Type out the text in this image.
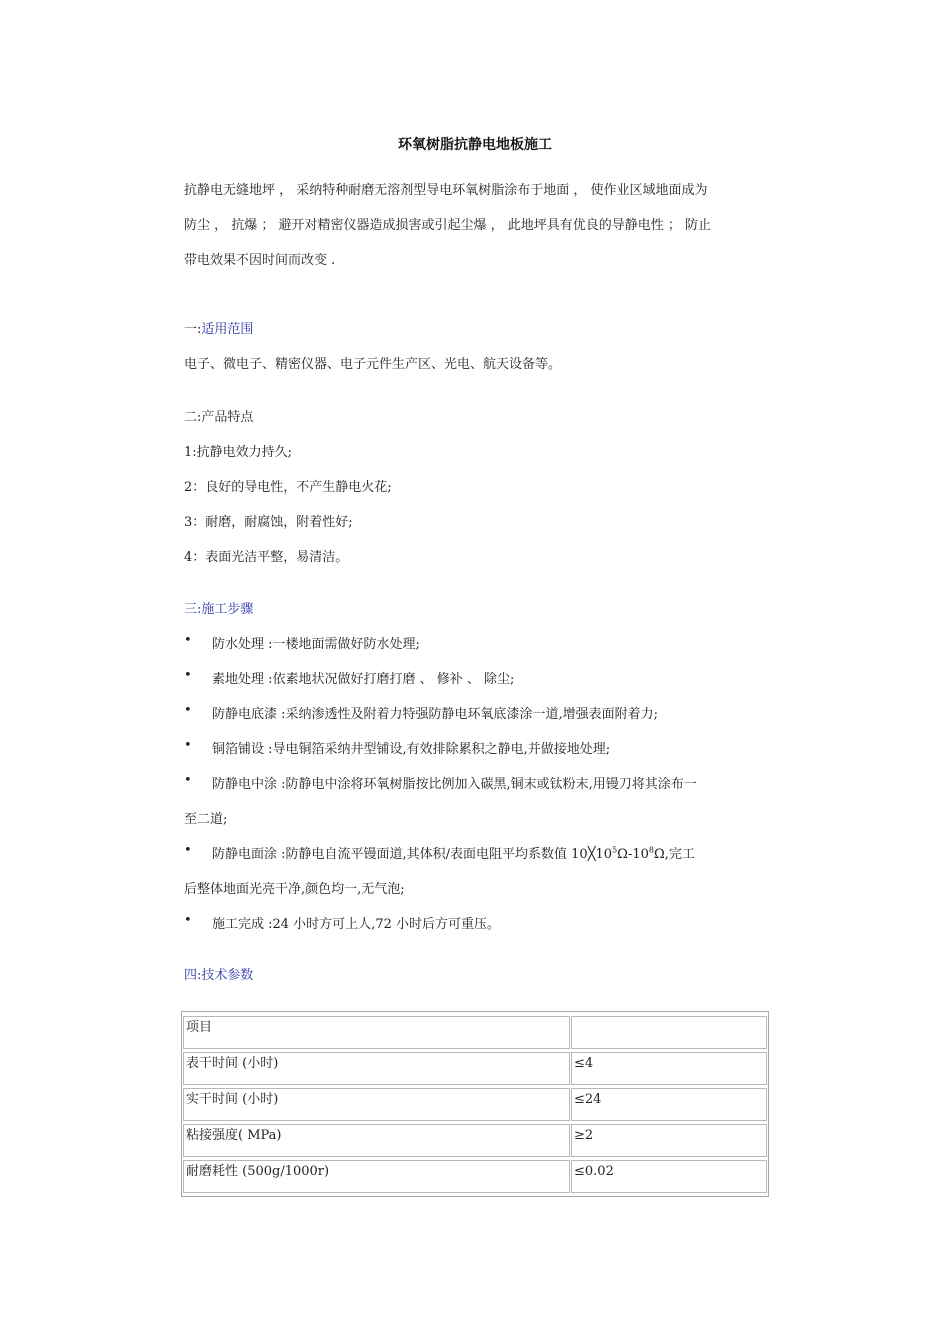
环氧树脂抗静电地板施工
抗静电无缝地坪 ， 采纳特种耐磨无溶剂型导电环氧树脂涂布于地面 ， 使作业区域地面成为
防尘 ， 抗爆 ； 避开对精密仪器造成损害或引起尘爆 ， 此地坪具有优良的导静电性 ； 防止
带电效果不因时间而改变 .
一:适用范围
电子、微电子、精密仪器、电子元件生产区、光电、航天设备等。
二:产品特点
1:抗静电效力持久;
2：良好的导电性，不产生静电火花;
3：耐磨，耐腐蚀，附着性好;
4：表面光洁平整，易清洁。
三:施工步骤
• 防水处理 :一楼地面需做好防水处理;
• 素地处理 :依素地状况做好打磨打磨 、 修补 、 除尘;
• 防静电底漆 :采纳渗透性及附着力特强防静电环氧底漆涂一道,增强表面附着力;
• 铜箔铺设 :导电铜箔采纳井型铺设,有效排除累积之静电,并做接地处理;
• 防静电中涂 :防静电中涂将环氧树脂按比例加入碳黑,铜末或钛粉末,用镘刀将其涂布一
至二道;
• 防静电面涂 :防静电自流平镘面道,其体积/表面电阻平均系数值 $10╳10^5\Omega-10^8\Omega$,完工
后整体地面光亮干净,颜色均一,无气泡;
• 施工完成 :24 小时方可上人,72 小时后方可重压。
四:技术参数
项目
表干时间 (小时)	≤4
实干时间 (小时)	≤24
粘接强度( MPa)	≥2
耐磨耗性 (500g/1000r)	≤0.02
